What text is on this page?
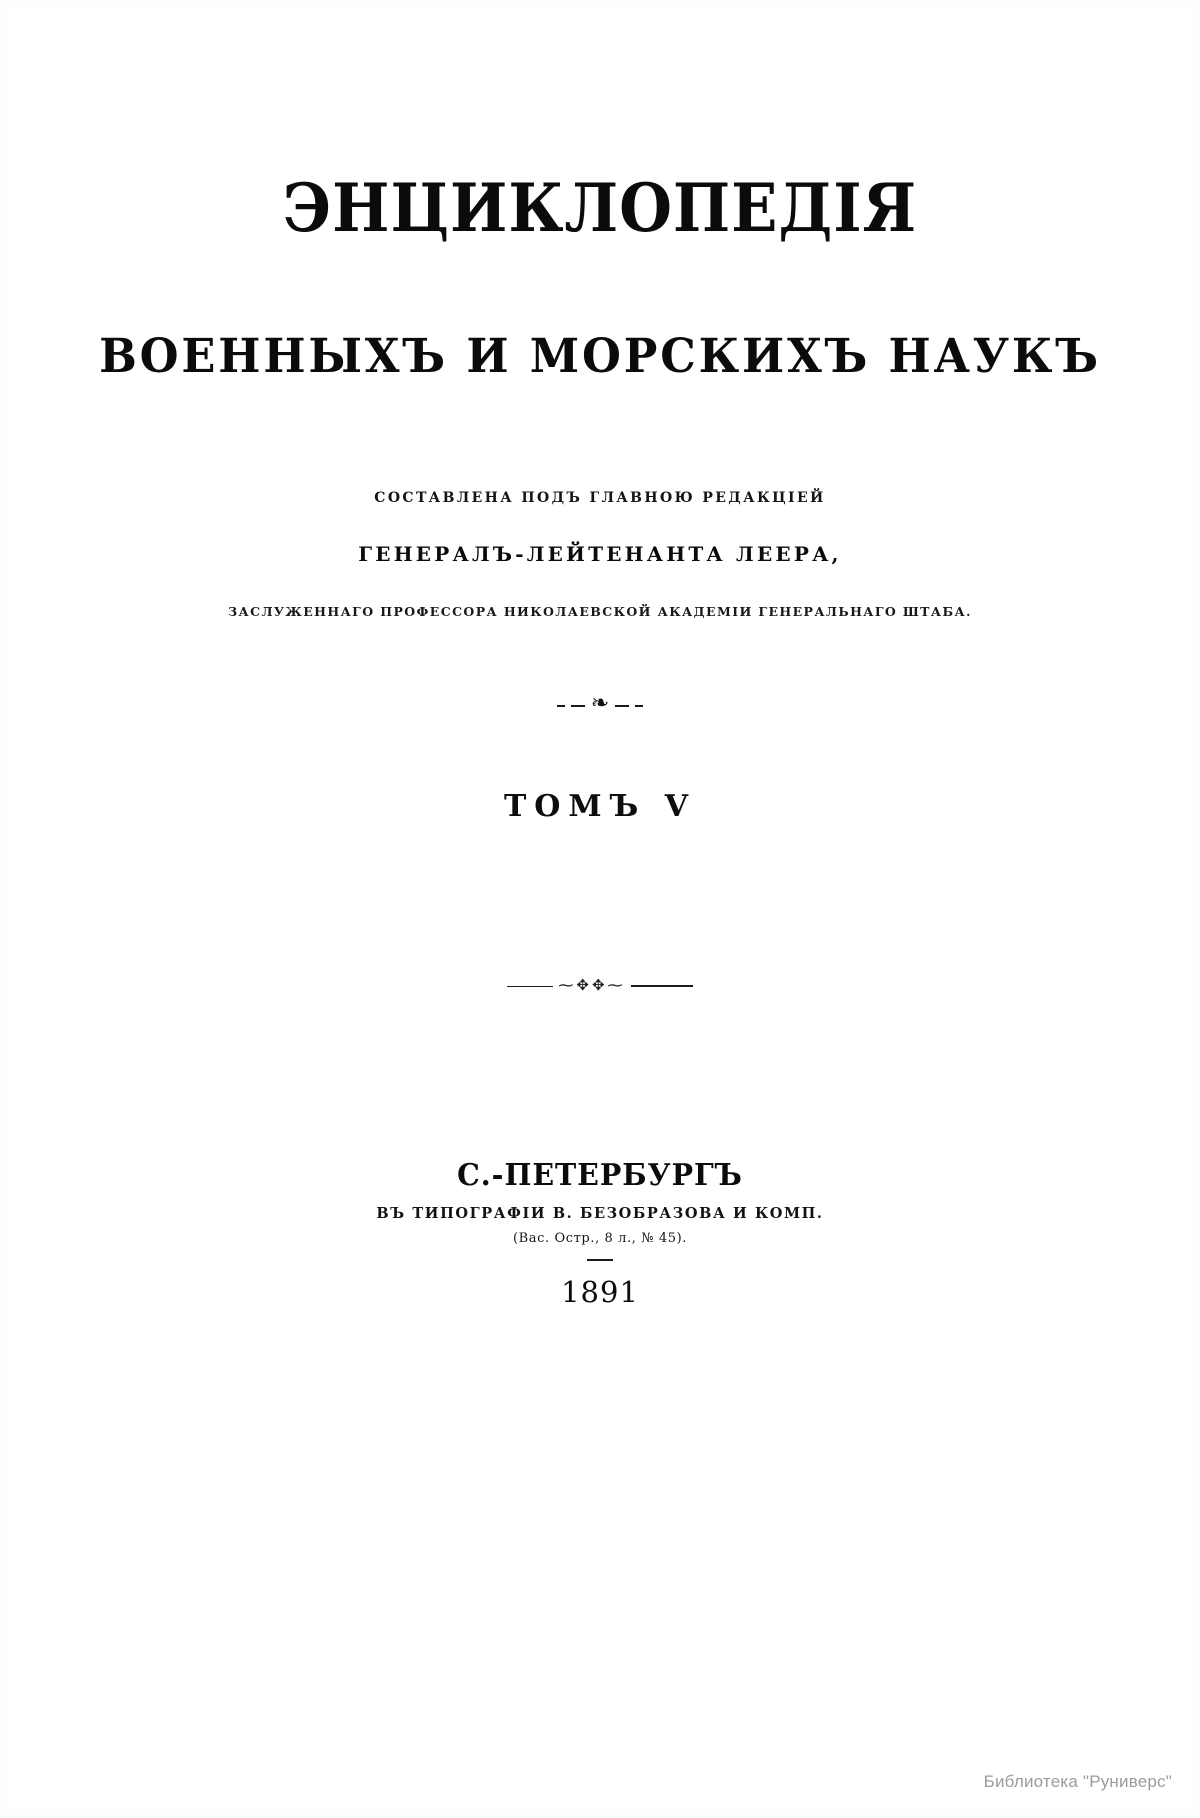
ЭНЦИКЛОПЕДІЯ
ВОЕННЫХЪ И МОРСКИХЪ НАУКЪ
СОСТАВЛЕНА ПОДЪ ГЛАВНОЮ РЕДАКЦІЕЙ
ГЕНЕРАЛЪ-ЛЕЙТЕНАНТА ЛЕЕРА,
ЗАСЛУЖЕННАГО ПРОФЕССОРА НИКОЛАЕВСКОЙ АКАДЕМІИ ГЕНЕРАЛЬНАГО ШТАБА.
❧
ТОМЪ V
⁓✥✥⁓
С.-ПЕТЕРБУРГЪ
ВЪ ТИПОГРАФІИ В. БЕЗОБРАЗОВА И КОМП.
(Вас. Остр., 8 л., № 45).
1891
Библиотека "Руниверс"
